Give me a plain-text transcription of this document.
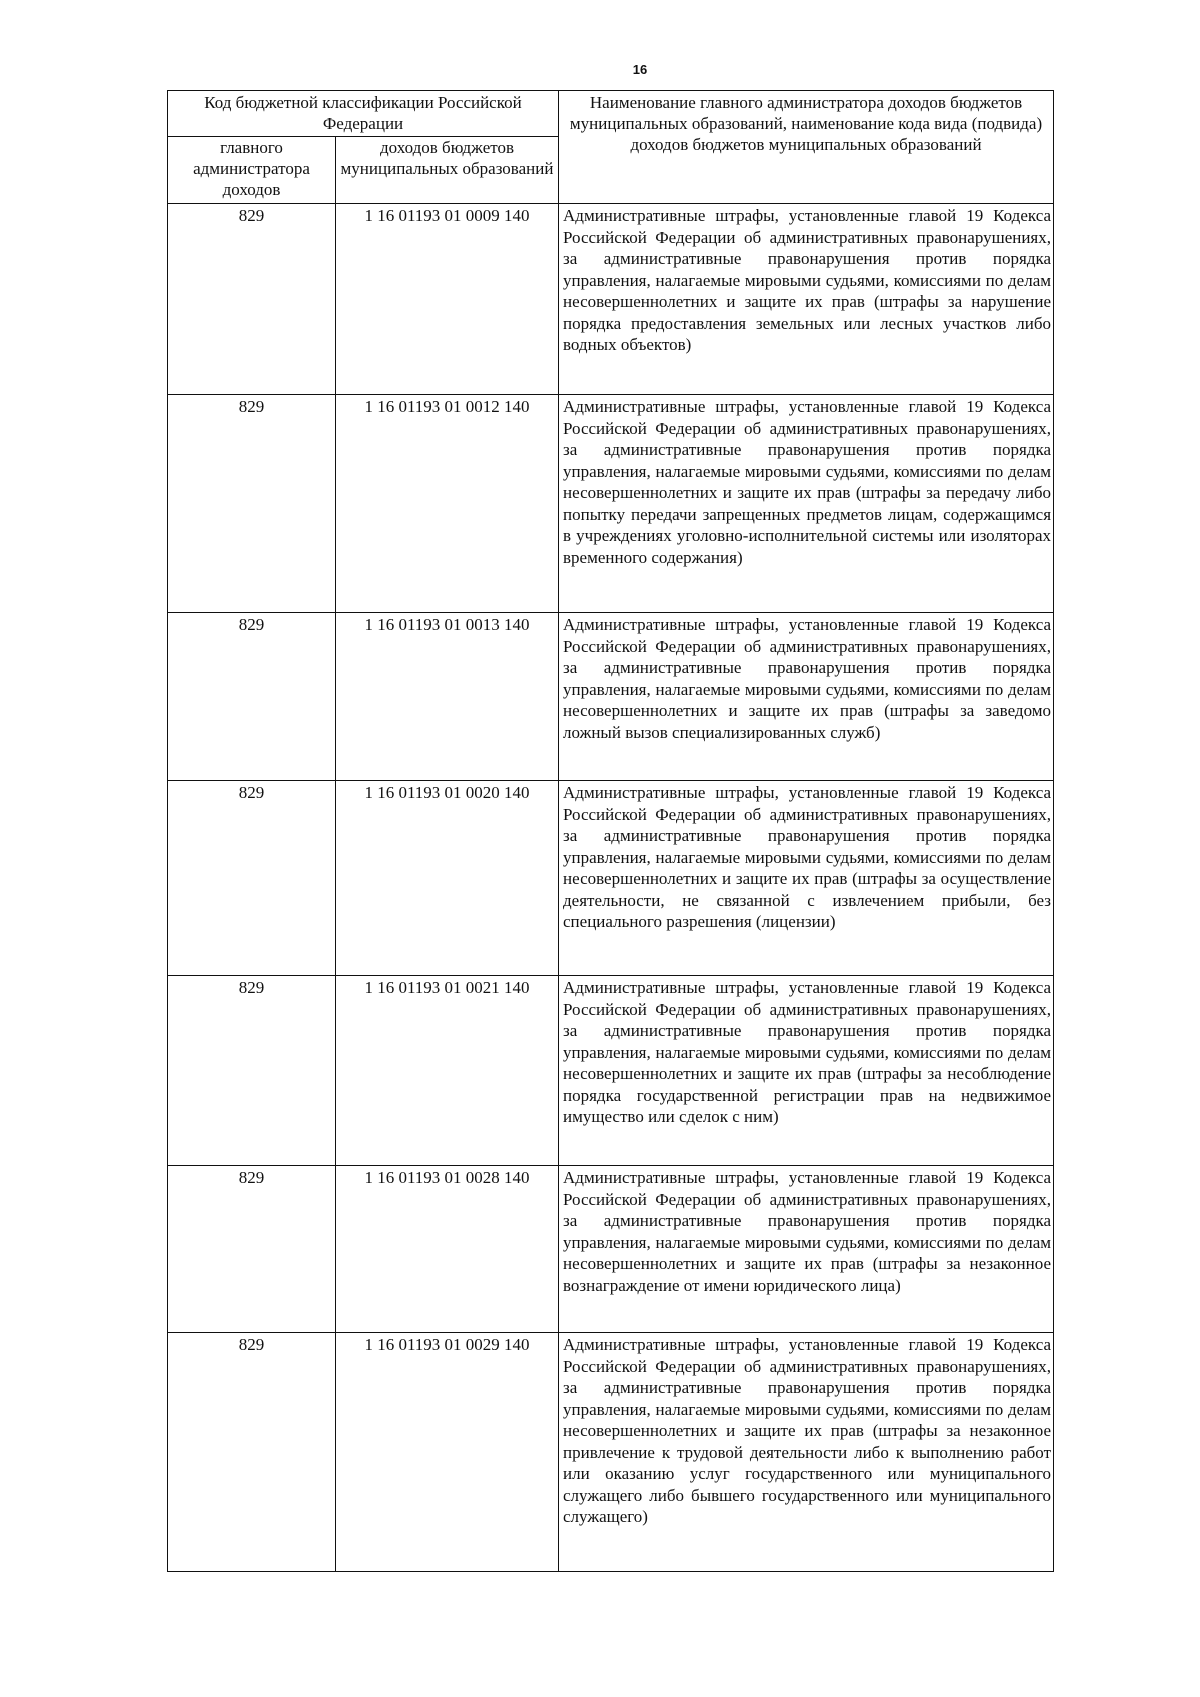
16
Код бюджетной классификации Российской Федерации		Наименование главного администратора доходов бюджетов муниципальных образований, наименование кода вида (подвида) доходов бюджетов муниципальных образований
главного администратора доходов	доходов бюджетов муниципальных образований	
829	1 16 01193 01 0009 140	Административные штрафы, установленные главой 19 Кодекса Российской Федерации об административных правонарушениях, за административные правонарушения против порядка управления, налагаемые мировыми судьями, комиссиями по делам несовершеннолетних и защите их прав (штрафы за нарушение порядка предоставления земельных или лесных участков либо водных объектов)
829	1 16 01193 01 0012 140	Административные штрафы, установленные главой 19 Кодекса Российской Федерации об административных правонарушениях, за административные правонарушения против порядка управления, налагаемые мировыми судьями, комиссиями по делам несовершеннолетних и защите их прав (штрафы за передачу либо попытку передачи запрещенных предметов лицам, содержащимся в учреждениях уголовно-исполнительной системы или изоляторах временного содержания)
829	1 16 01193 01 0013 140	Административные штрафы, установленные главой 19 Кодекса Российской Федерации об административных правонарушениях, за административные правонарушения против порядка управления, налагаемые мировыми судьями, комиссиями по делам несовершеннолетних и защите их прав (штрафы за заведомо ложный вызов специализированных служб)
829	1 16 01193 01 0020 140	Административные штрафы, установленные главой 19 Кодекса Российской Федерации об административных правонарушениях, за административные правонарушения против порядка управления, налагаемые мировыми судьями, комиссиями по делам несовершеннолетних и защите их прав (штрафы за осуществление деятельности, не связанной с извлечением прибыли, без специального разрешения (лицензии)
829	1 16 01193 01 0021 140	Административные штрафы, установленные главой 19 Кодекса Российской Федерации об административных правонарушениях, за административные правонарушения против порядка управления, налагаемые мировыми судьями, комиссиями по делам несовершеннолетних и защите их прав (штрафы за несоблюдение порядка государственной регистрации прав на недвижимое имущество или сделок с ним)
829	1 16 01193 01 0028 140	Административные штрафы, установленные главой 19 Кодекса Российской Федерации об административных правонарушениях, за административные правонарушения против порядка управления, налагаемые мировыми судьями, комиссиями по делам несовершеннолетних и защите их прав (штрафы за незаконное вознаграждение от имени юридического лица)
829	1 16 01193 01 0029 140	Административные штрафы, установленные главой 19 Кодекса Российской Федерации об административных правонарушениях, за административные правонарушения против порядка управления, налагаемые мировыми судьями, комиссиями по делам несовершеннолетних и защите их прав (штрафы за незаконное привлечение к трудовой деятельности либо к выполнению работ или оказанию услуг государственного или муниципального служащего либо бывшего государственного или муниципального служащего)
